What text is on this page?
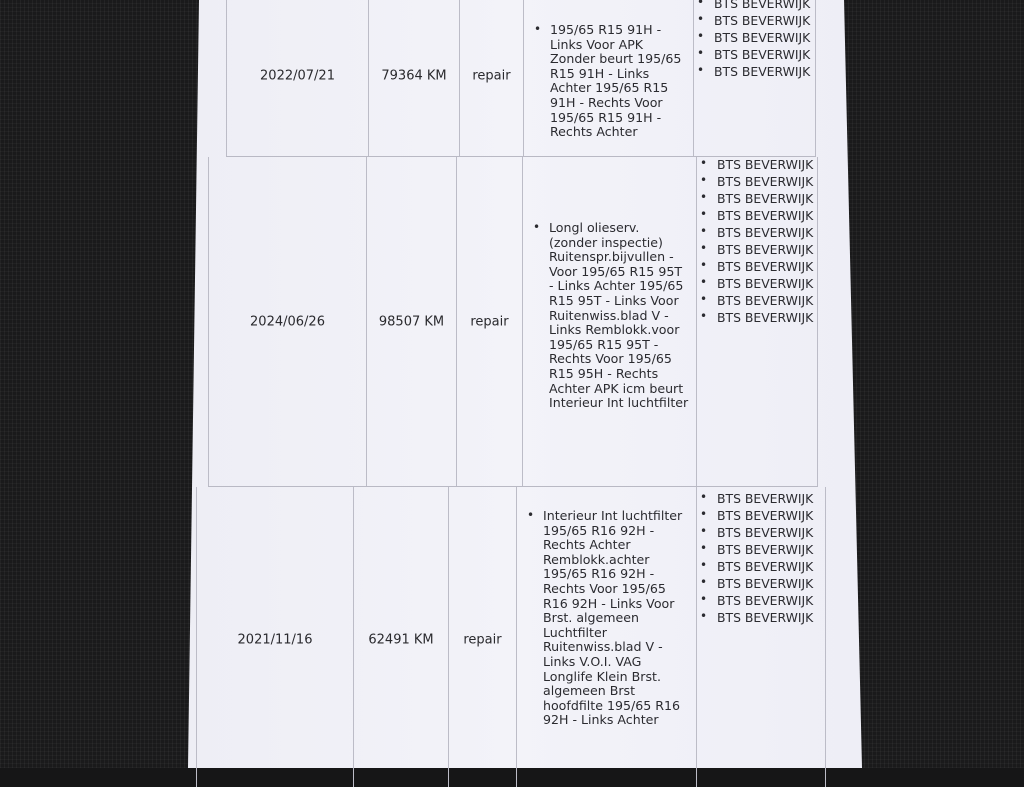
2022/07/21	79364 KM	repair
• 195/65 R15 91H - Links Voor APK Zonder beurt 195/65 R15 91H - Links Achter 195/65 R15 91H - Rechts Voor 195/65 R15 91H - Rechts Achter
• BTS BEVERWIJK
• BTS BEVERWIJK
• BTS BEVERWIJK
• BTS BEVERWIJK
• BTS BEVERWIJK
2024/06/26	98507 KM	repair
• Longl olieserv. (zonder inspectie) Ruitenspr.bijvullen - Voor 195/65 R15 95T - Links Achter 195/65 R15 95T - Links Voor Ruitenwiss.blad V - Links Remblokk.voor 195/65 R15 95T - Rechts Voor 195/65 R15 95H - Rechts Achter APK icm beurt Interieur Int luchtfilter
• BTS BEVERWIJK
• BTS BEVERWIJK
• BTS BEVERWIJK
• BTS BEVERWIJK
• BTS BEVERWIJK
• BTS BEVERWIJK
• BTS BEVERWIJK
• BTS BEVERWIJK
• BTS BEVERWIJK
• BTS BEVERWIJK
2021/11/16	62491 KM	repair
• Interieur Int luchtfilter 195/65 R16 92H - Rechts Achter Remblokk.achter 195/65 R16 92H - Rechts Voor 195/65 R16 92H - Links Voor Brst. algemeen Luchtfilter Ruitenwiss.blad V - Links V.O.I. VAG Longlife Klein Brst. algemeen Brst hoofdfilte 195/65 R16 92H - Links Achter
• BTS BEVERWIJK
• BTS BEVERWIJK
• BTS BEVERWIJK
• BTS BEVERWIJK
• BTS BEVERWIJK
• BTS BEVERWIJK
• BTS BEVERWIJK
• BTS BEVERWIJK
